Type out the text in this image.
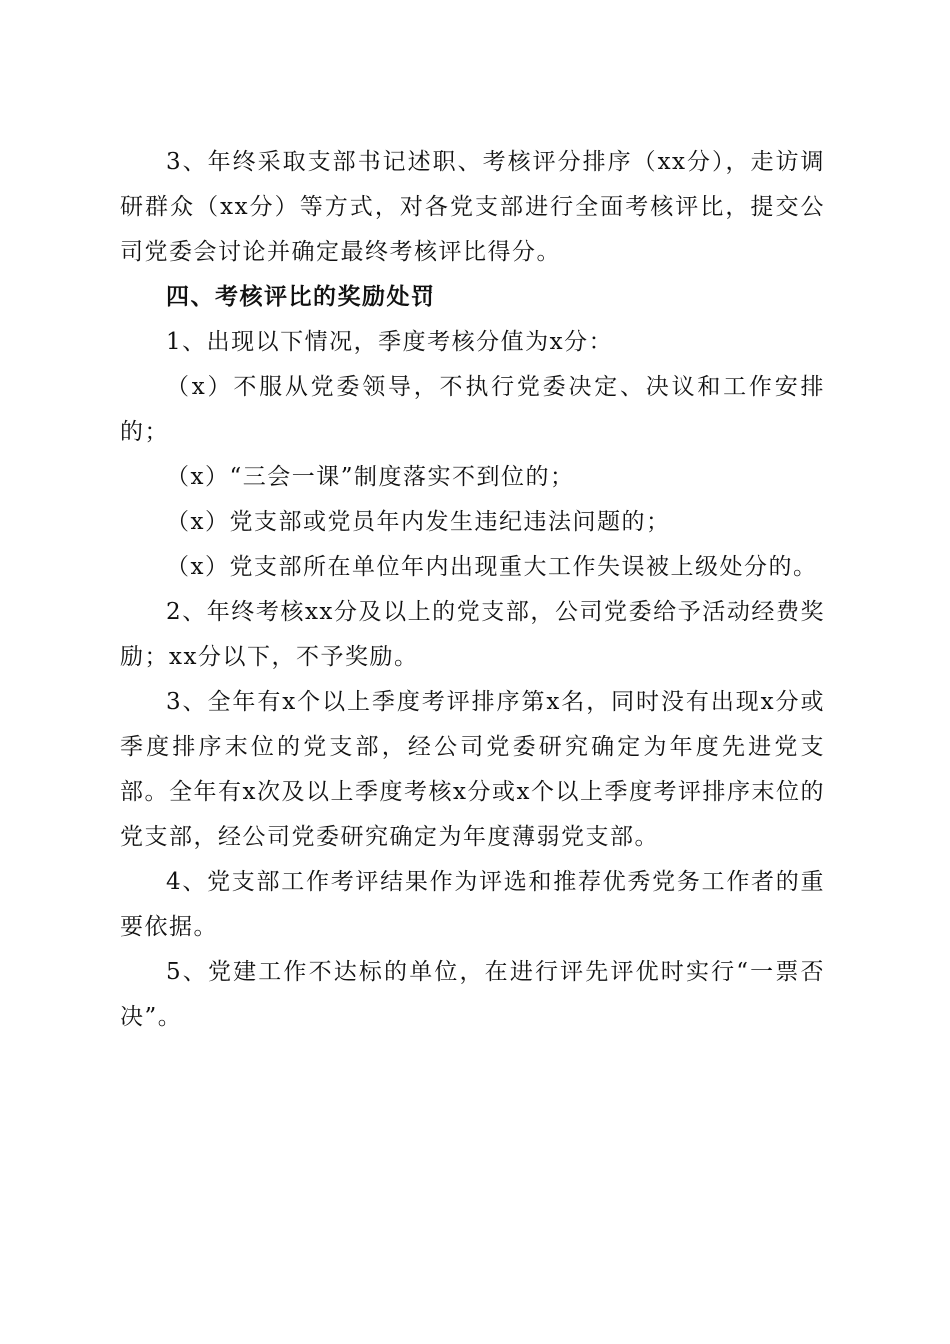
3、年终采取支部书记述职、考核评分排序（xx分），走访调研群众（xx分）等方式，对各党支部进行全面考核评比，提交公司党委会讨论并确定最终考核评比得分。

四、考核评比的奖励处罚

1、出现以下情况，季度考核分值为x分：

（x）不服从党委领导，不执行党委决定、决议和工作安排的；

（x）“三会一课”制度落实不到位的；

（x）党支部或党员年内发生违纪违法问题的；

（x）党支部所在单位年内出现重大工作失误被上级处分的。

2、年终考核xx分及以上的党支部，公司党委给予活动经费奖励；xx分以下，不予奖励。

3、全年有x个以上季度考评排序第x名，同时没有出现x分或季度排序末位的党支部，经公司党委研究确定为年度先进党支部。全年有x次及以上季度考核x分或x个以上季度考评排序末位的党支部，经公司党委研究确定为年度薄弱党支部。

4、党支部工作考评结果作为评选和推荐优秀党务工作者的重要依据。

5、党建工作不达标的单位，在进行评先评优时实行“一票否决”。
